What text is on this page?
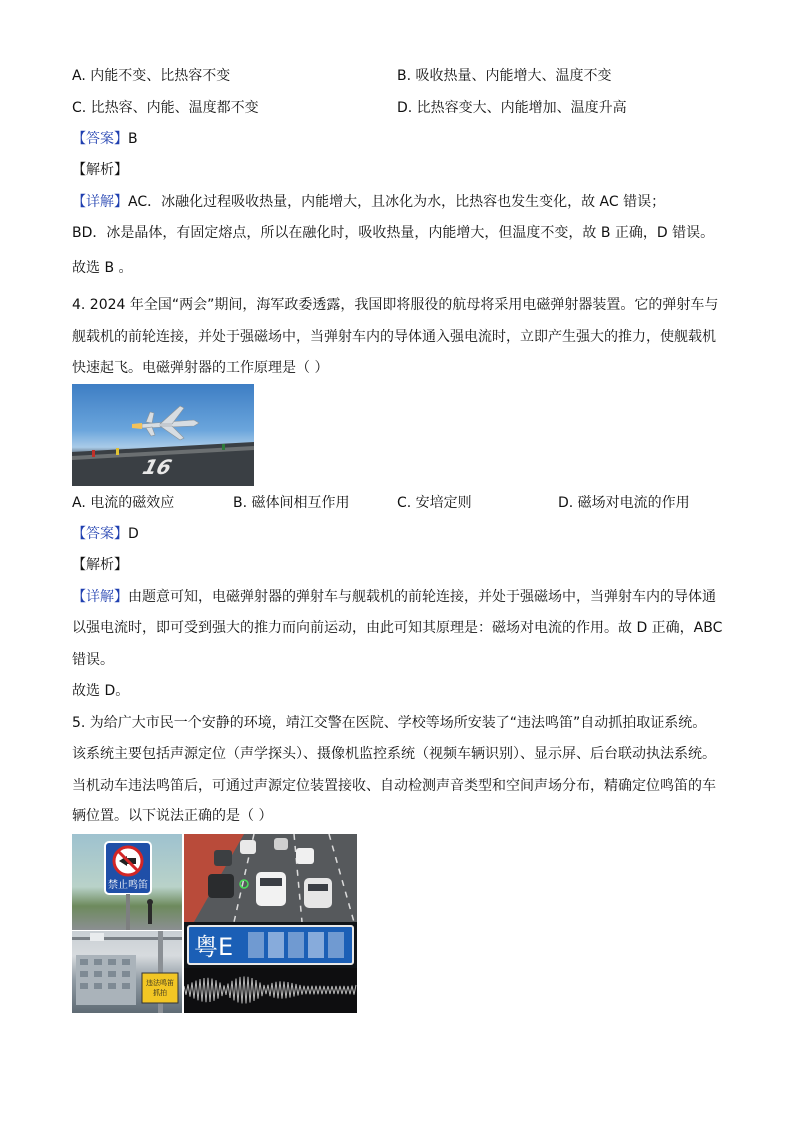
A. 内能不变、比热容不变	B. 吸收热量、内能增大、温度不变
C. 比热容、内能、温度都不变	D. 比热容变大、内能增加、温度升高
【答案】B
【解析】
【详解】AC．冰融化过程吸收热量，内能增大，且冰化为水，比热容也发生变化，故 AC 错误；
BD．冰是晶体，有固定熔点，所以在融化时，吸收热量，内能增大，但温度不变，故 B 正确，D 错误。
故选 B 。
4. 2024 年全国“两会”期间，海军政委透露，我国即将服役的航母将采用电磁弹射器装置。它的弹射车与
舰载机的前轮连接，并处于强磁场中，当弹射车内的导体通入强电流时，立即产生强大的推力，使舰载机
快速起飞。电磁弹射器的工作原理是（ ）
16
A. 电流的磁效应	B. 磁体间相互作用	C. 安培定则	D. 磁场对电流的作用
【答案】D
【解析】
【详解】由题意可知，电磁弹射器的弹射车与舰载机的前轮连接，并处于强磁场中，当弹射车内的导体通
以强电流时，即可受到强大的推力而向前运动，由此可知其原理是：磁场对电流的作用。故 D 正确，ABC
错误。
故选 D。
5. 为给广大市民一个安静的环境，靖江交警在医院、学校等场所安装了“违法鸣笛”自动抓拍取证系统。
该系统主要包括声源定位（声学探头）、摄像机监控系统（视频车辆识别）、显示屏、后台联动执法系统。
当机动车违法鸣笛后，可通过声源定位装置接收、自动检测声音类型和空间声场分布，精确定位鸣笛的车
辆位置。以下说法正确的是（ ）
禁止鸣笛
违法鸣笛
抓拍
粤E
